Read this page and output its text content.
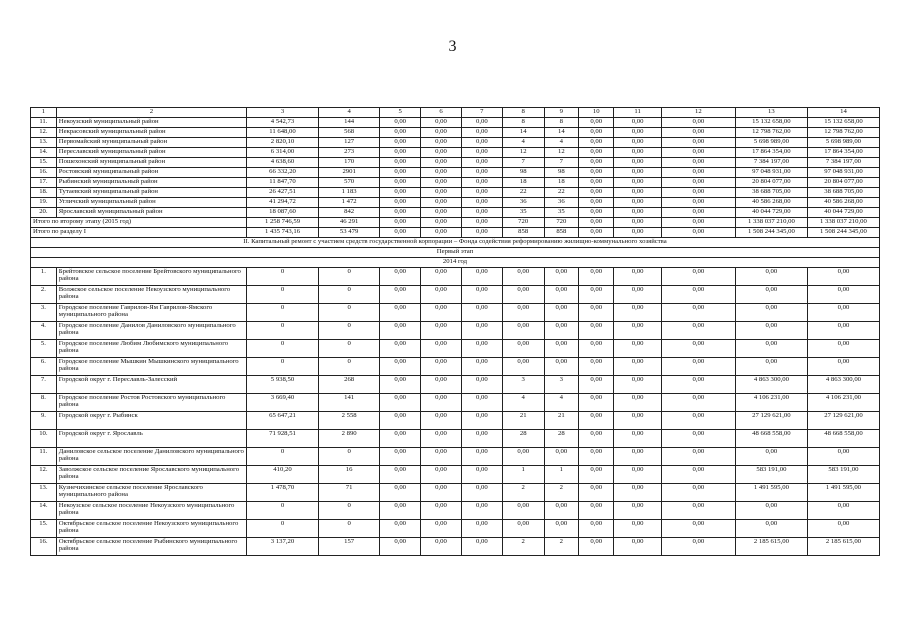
3
1	2	3	4	5	6	7	8	9	10	11	12	13	14
11.	Некоузский муниципальный район	4 542,73	144	0,00	0,00	0,00	8	8	0,00	0,00	0,00	15 132 658,00	15 132 658,00
12.	Некрасовский муниципальный район	11 648,00	568	0,00	0,00	0,00	14	14	0,00	0,00	0,00	12 798 762,00	12 798 762,00
13.	Первомайский муниципальный район	2 820,10	127	0,00	0,00	0,00	4	4	0,00	0,00	0,00	5 698 989,00	5 698 989,00
14.	Переславский муниципальный район	6 314,00	273	0,00	0,00	0,00	12	12	0,00	0,00	0,00	17 864 354,00	17 864 354,00
15.	Пошехонский муниципальный район	4 638,60	170	0,00	0,00	0,00	7	7	0,00	0,00	0,00	7 384 197,00	7 384 197,00
16.	Ростовский муниципальный район	66 332,20	2901	0,00	0,00	0,00	98	98	0,00	0,00	0,00	97 048 931,00	97 048 931,00
17.	Рыбинский муниципальный район	11 847,70	570	0,00	0,00	0,00	18	18	0,00	0,00	0,00	20 804 077,00	20 804 077,00
18.	Тутаевский муниципальный район	26 427,51	1 183	0,00	0,00	0,00	22	22	0,00	0,00	0,00	38 688 705,00	38 688 705,00
19.	Угличский муниципальный район	41 294,72	1 472	0,00	0,00	0,00	36	36	0,00	0,00	0,00	40 586 268,00	40 586 268,00
20.	Ярославский муниципальный район	18 087,60	842	0,00	0,00	0,00	35	35	0,00	0,00	0,00	40 044 729,00	40 044 729,00
Итого по второму этапу (2015 год)		1 258 746,59	46 291	0,00	0,00	0,00	720	720	0,00	0,00	0,00	1 338 037 210,00	1 338 037 210,00
Итого по разделу I		1 435 743,16	53 479	0,00	0,00	0,00	858	858	0,00	0,00	0,00	1 508 244 345,00	1 508 244 345,00
II. Капитальный ремонт с участием средств государственной корпорации – Фонда содействия реформированию жилищно-коммунального хозяйства													
Первый этап													
2014 год													
1.	Брейтовское сельское поселение Брейтовского муниципального района	0	0	0,00	0,00	0,00	0,00	0,00	0,00	0,00	0,00	0,00	0,00
2.	Волжское сельское поселение Некоузского муниципального района	0	0	0,00	0,00	0,00	0,00	0,00	0,00	0,00	0,00	0,00	0,00
3.	Городское поселение Гаврилов-Ям Гаврилов-Ямского муниципального района	0	0	0,00	0,00	0,00	0,00	0,00	0,00	0,00	0,00	0,00	0,00
4.	Городское поселение Данилов Даниловского муниципального района	0	0	0,00	0,00	0,00	0,00	0,00	0,00	0,00	0,00	0,00	0,00
5.	Городское поселение Любим Любимского муниципального района	0	0	0,00	0,00	0,00	0,00	0,00	0,00	0,00	0,00	0,00	0,00
6.	Городское поселение Мышкин Мышкинского муниципального района	0	0	0,00	0,00	0,00	0,00	0,00	0,00	0,00	0,00	0,00	0,00
7.	Городской округ г. Переславль-Залесский	5 938,50	268	0,00	0,00	0,00	3	3	0,00	0,00	0,00	4 863 300,00	4 863 300,00
8.	Городское поселение Ростов Ростовского муниципального района	3 669,40	141	0,00	0,00	0,00	4	4	0,00	0,00	0,00	4 106 231,00	4 106 231,00
9.	Городской округ г. Рыбинск	65 647,21	2 558	0,00	0,00	0,00	21	21	0,00	0,00	0,00	27 129 621,00	27 129 621,00
10.	Городской округ г. Ярославль	71 928,51	2 890	0,00	0,00	0,00	28	28	0,00	0,00	0,00	48 668 558,00	48 668 558,00
11.	Даниловское сельское поселение Даниловского муниципального района	0	0	0,00	0,00	0,00	0,00	0,00	0,00	0,00	0,00	0,00	0,00
12.	Заволжское сельское поселение Ярославского муниципального района	410,20	16	0,00	0,00	0,00	1	1	0,00	0,00	0,00	583 191,00	583 191,00
13.	Кузнечихинское сельское поселение Ярославского муниципального района	1 478,70	71	0,00	0,00	0,00	2	2	0,00	0,00	0,00	1 491 595,00	1 491 595,00
14.	Некоузское сельское поселение Некоузского муниципального района	0	0	0,00	0,00	0,00	0,00	0,00	0,00	0,00	0,00	0,00	0,00
15.	Октябрьское сельское поселение Некоузского муниципального района	0	0	0,00	0,00	0,00	0,00	0,00	0,00	0,00	0,00	0,00	0,00
16.	Октябрьское сельское поселение Рыбинского муниципального района	3 137,20	157	0,00	0,00	0,00	2	2	0,00	0,00	0,00	2 185 615,00	2 185 615,00
